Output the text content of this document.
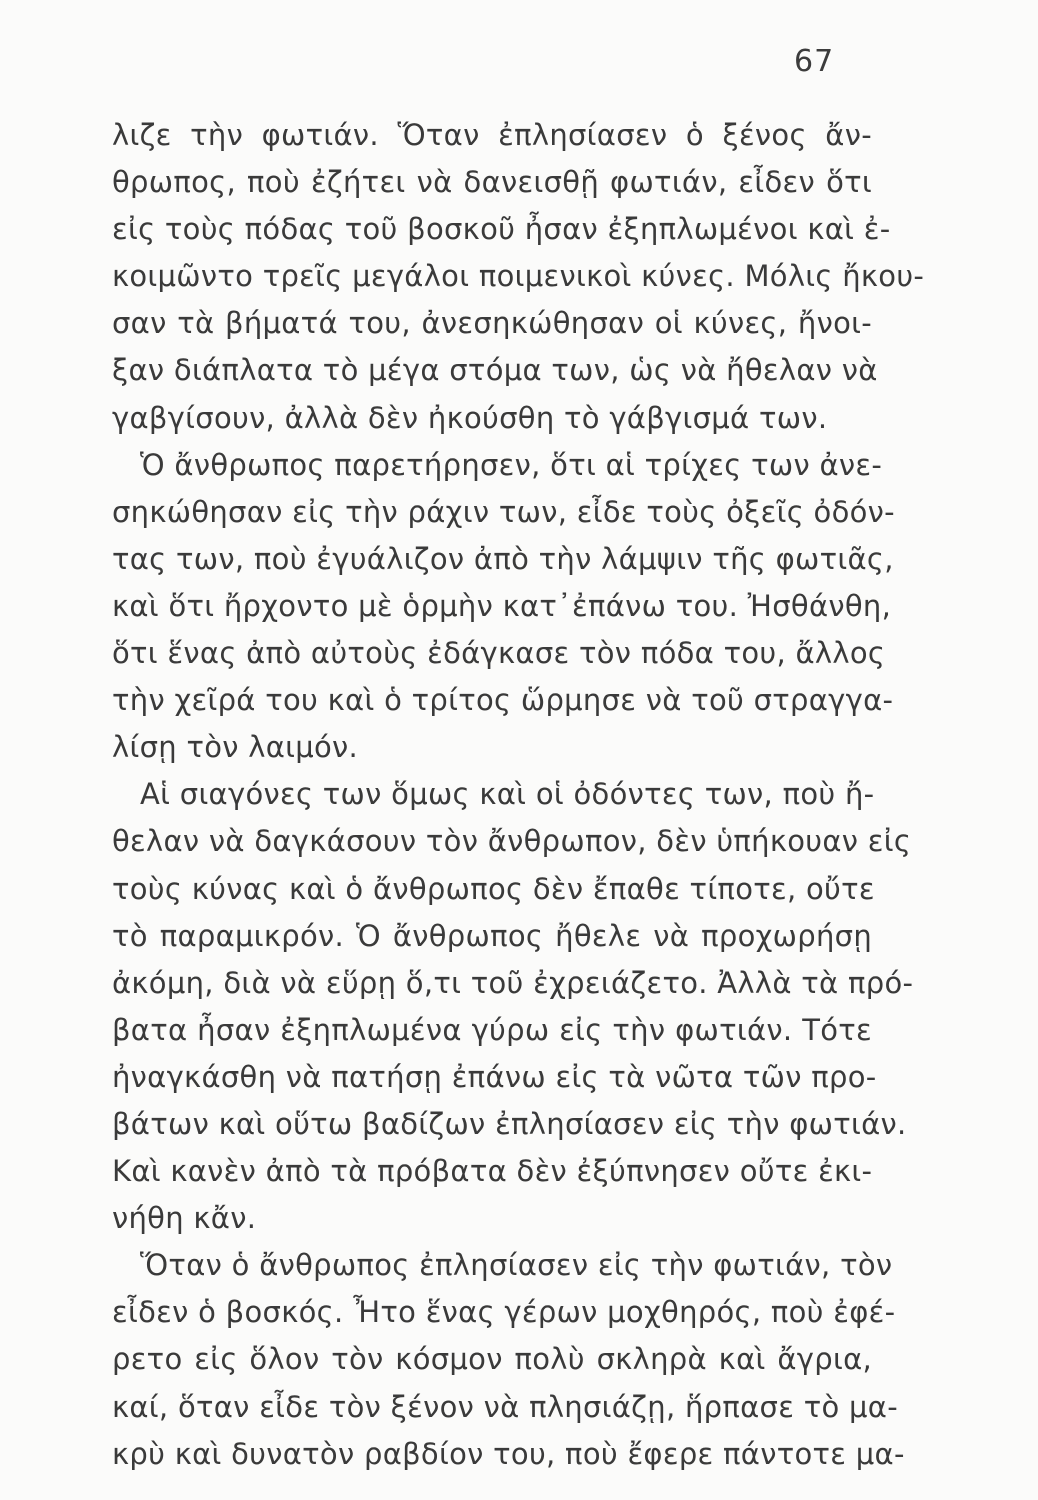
67
λιζε τὴν φωτιάν. Ὅταν ἐπλησίασεν ὁ ξένος ἄν-
θρωπος, ποὺ ἐζήτει νὰ δανεισθῇ φωτιάν, εἶδεν ὅτι
εἰς τοὺς πόδας τοῦ βοσκοῦ ἦσαν ἐξηπλωμένοι καὶ ἐ-
κοιμῶντο τρεῖς μεγάλοι ποιμενικοὶ κύνες. Μόλις ἤκου-
σαν τὰ βήματά του, ἀνεσηκώθησαν οἱ κύνες, ἤνοι-
ξαν διάπλατα τὸ μέγα στόμα των, ὡς νὰ ἤθελαν νὰ
γαβγίσουν, ἀλλὰ δὲν ἠκούσθη τὸ γάβγισμά των.
Ὁ ἄνθρωπος παρετήρησεν, ὅτι αἱ τρίχες των ἀνε-
σηκώθησαν εἰς τὴν ράχιν των, εἶδε τοὺς ὀξεῖς ὀδόν-
τας των, ποὺ ἐγυάλιζον ἀπὸ τὴν λάμψιν τῆς φωτιᾶς,
καὶ ὅτι ἤρχοντο μὲ ὁρμὴν κατ᾿ἐπάνω του. Ἠσθάνθη,
ὅτι ἕνας ἀπὸ αὐτοὺς ἐδάγκασε τὸν πόδα του, ἄλλος
τὴν χεῖρά του καὶ ὁ τρίτος ὥρμησε νὰ τοῦ στραγγα-
λίσῃ τὸν λαιμόν.
Αἱ σιαγόνες των ὅμως καὶ οἱ ὀδόντες των, ποὺ ἤ-
θελαν νὰ δαγκάσουν τὸν ἄνθρωπον, δὲν ὑπήκουαν εἰς
τοὺς κύνας καὶ ὁ ἄνθρωπος δὲν ἔπαθε τίποτε, οὔτε
τὸ παραμικρόν. Ὁ ἄνθρωπος ἤθελε νὰ προχωρήσῃ
ἀκόμη, διὰ νὰ εὕρῃ ὅ,τι τοῦ ἐχρειάζετο. Ἀλλὰ τὰ πρό-
βατα ἦσαν ἐξηπλωμένα γύρω εἰς τὴν φωτιάν. Τότε
ἠναγκάσθη νὰ πατήσῃ ἐπάνω εἰς τὰ νῶτα τῶν προ-
βάτων καὶ οὕτω βαδίζων ἐπλησίασεν εἰς τὴν φωτιάν.
Καὶ κανὲν ἀπὸ τὰ πρόβατα δὲν ἐξύπνησεν οὔτε ἐκι-
νήθη κἄν.
Ὅταν ὁ ἄνθρωπος ἐπλησίασεν εἰς τὴν φωτιάν, τὸν
εἶδεν ὁ βοσκός. Ἦτο ἕνας γέρων μοχθηρός, ποὺ ἐφέ-
ρετο εἰς ὅλον τὸν κόσμον πολὺ σκληρὰ καὶ ἄγρια,
καί, ὅταν εἶδε τὸν ξένον νὰ πλησιάζῃ, ἥρπασε τὸ μα-
κρὺ καὶ δυνατὸν ραβδίον του, ποὺ ἔφερε πάντοτε μα-
